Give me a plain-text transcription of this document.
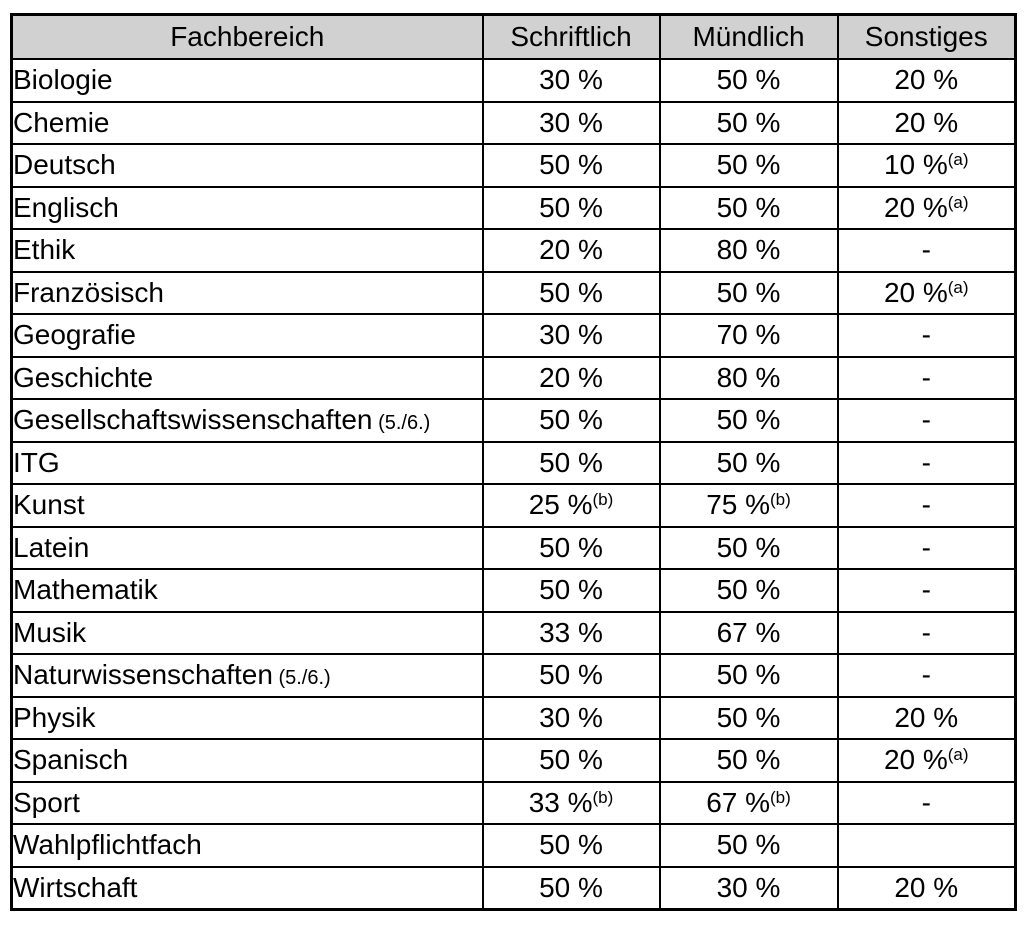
Fachbereich	Schriftlich	Mündlich	Sonstiges
Biologie	30 %	50 %	20 %
Chemie	30 %	50 %	20 %
Deutsch	50 %	50 %	10 %$^{(a)}$
Englisch	50 %	50 %	20 %$^{(a)}$
Ethik	20 %	80 %	-
Französisch	50 %	50 %	20 %$^{(a)}$
Geografie	30 %	70 %	-
Geschichte	20 %	80 %	-
Gesellschaftswissenschaften (5./6.)	50 %	50 %	-
ITG	50 %	50 %	-
Kunst	25 %$^{(b)}$	75 %$^{(b)}$	-
Latein	50 %	50 %	-
Mathematik	50 %	50 %	-
Musik	33 %	67 %	-
Naturwissenschaften (5./6.)	50 %	50 %	-
Physik	30 %	50 %	20 %
Spanisch	50 %	50 %	20 %$^{(a)}$
Sport	33 %$^{(b)}$	67 %$^{(b)}$	-
Wahlpflichtfach	50 %	50 %	
Wirtschaft	50 %	30 %	20 %
